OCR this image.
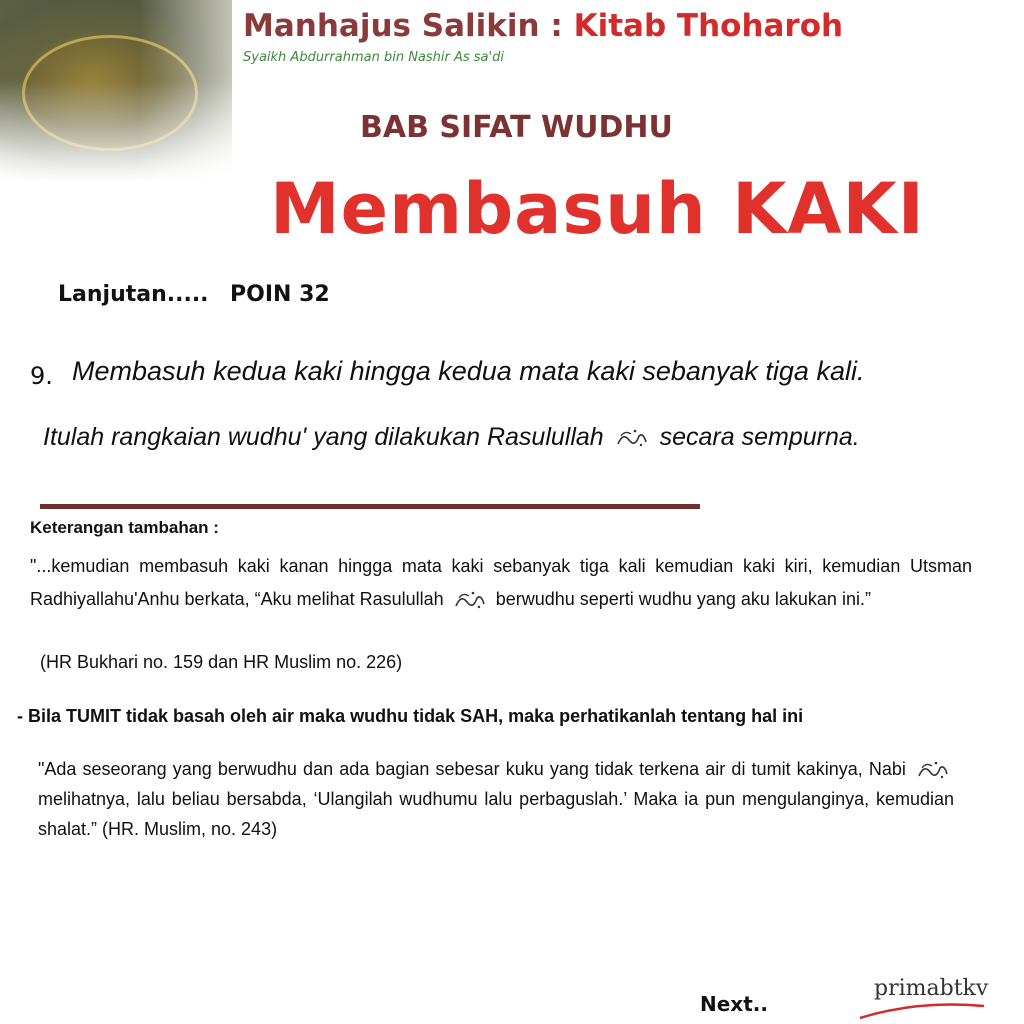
Manhajus Salikin : Kitab Thoharoh
Syaikh Abdurrahman bin Nashir As sa'di
BAB SIFAT WUDHU
Membasuh KAKI
Lanjutan..... POIN 32
9. Membasuh kedua kaki hingga kedua mata kaki sebanyak tiga kali.
Itulah rangkaian wudhu' yang dilakukan Rasulullah secara sempurna.
Keterangan tambahan :
"...kemudian membasuh kaki kanan hingga mata kaki sebanyak tiga kali kemudian kaki kiri, kemudian Utsman Radhiyallahu'Anhu berkata, “Aku melihat Rasulullah	berwudhu seperti wudhu yang aku lakukan ini.”
(HR Bukhari no. 159 dan HR Muslim no. 226)
- Bila TUMIT tidak basah oleh air maka wudhu tidak SAH, maka perhatikanlah tentang hal ini
"Ada seseorang yang berwudhu dan ada bagian sebesar kuku yang tidak terkena air di tumit kakinya, Nabi  melihatnya, lalu beliau bersabda, ‘Ulangilah wudhumu lalu perbaguslah.’ Maka ia pun mengulanginya, kemudian shalat.” (HR. Muslim, no. 243)
Next..
primabtkv
